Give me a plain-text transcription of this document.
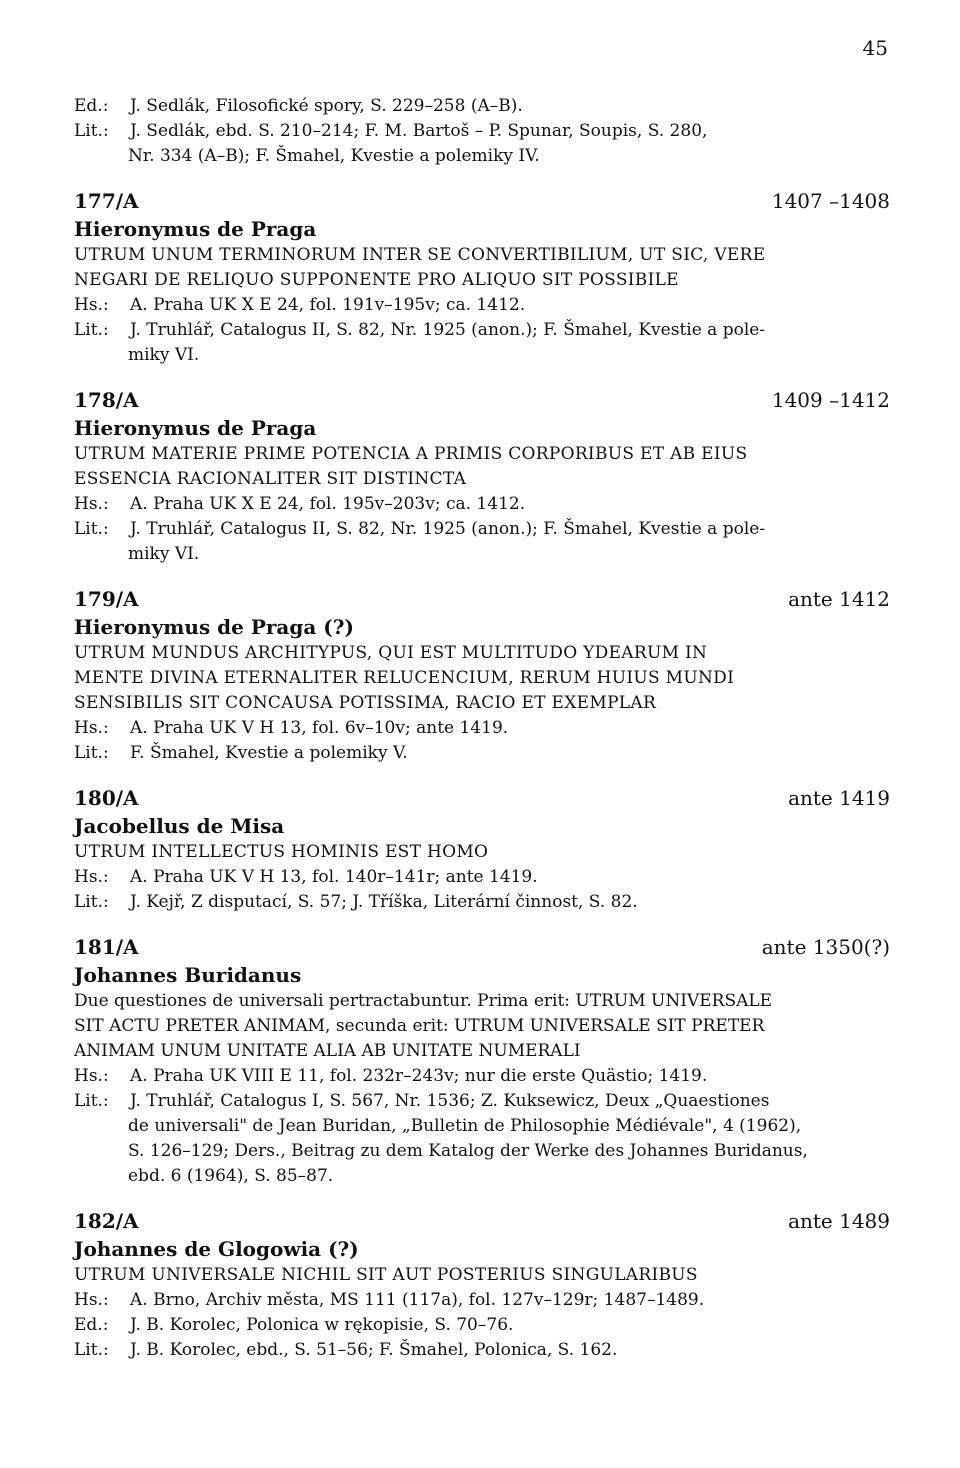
45
Ed.: J. Sedlák, Filosofické spory, S. 229–258 (A–B).
Lit.: J. Sedlák, ebd. S. 210–214; F. M. Bartoš – P. Spunar, Soupis, S. 280,
Nr. 334 (A–B); F. Šmahel, Kvestie a polemiky IV.
177/A	1407 –1408
Hieronymus de Praga
UTRUM UNUM TERMINORUM INTER SE CONVERTIBILIUM, UT SIC, VERE
NEGARI DE RELIQUO SUPPONENTE PRO ALIQUO SIT POSSIBILE
Hs.: A. Praha UK X E 24, fol. 191v–195v; ca. 1412.
Lit.: J. Truhlář, Catalogus II, S. 82, Nr. 1925 (anon.); F. Šmahel, Kvestie a pole-
miky VI.
178/A	1409 –1412
Hieronymus de Praga
UTRUM MATERIE PRIME POTENCIA A PRIMIS CORPORIBUS ET AB EIUS
ESSENCIA RACIONALITER SIT DISTINCTA
Hs.: A. Praha UK X E 24, fol. 195v–203v; ca. 1412.
Lit.: J. Truhlář, Catalogus II, S. 82, Nr. 1925 (anon.); F. Šmahel, Kvestie a pole-
miky VI.
179/A	ante 1412
Hieronymus de Praga (?)
UTRUM MUNDUS ARCHITYPUS, QUI EST MULTITUDO YDEARUM IN
MENTE DIVINA ETERNALITER RELUCENCIUM, RERUM HUIUS MUNDI
SENSIBILIS SIT CONCAUSA POTISSIMA, RACIO ET EXEMPLAR
Hs.: A. Praha UK V H 13, fol. 6v–10v; ante 1419.
Lit.: F. Šmahel, Kvestie a polemiky V.
180/A	ante 1419
Jacobellus de Misa
UTRUM INTELLECTUS HOMINIS EST HOMO
Hs.: A. Praha UK V H 13, fol. 140r–141r; ante 1419.
Lit.: J. Kejř, Z disputací, S. 57; J. Tříška, Literární činnost, S. 82.
181/A	ante 1350(?)
Johannes Buridanus
Due questiones de universali pertractabuntur. Prima erit: UTRUM UNIVERSALE
SIT ACTU PRETER ANIMAM, secunda erit: UTRUM UNIVERSALE SIT PRETER
ANIMAM UNUM UNITATE ALIA AB UNITATE NUMERALI
Hs.: A. Praha UK VIII E 11, fol. 232r–243v; nur die erste Quästio; 1419.
Lit.: J. Truhlář, Catalogus I, S. 567, Nr. 1536; Z. Kuksewicz, Deux „Quaestiones
de universali" de Jean Buridan, „Bulletin de Philosophie Médiévale", 4 (1962),
S. 126–129; Ders., Beitrag zu dem Katalog der Werke des Johannes Buridanus,
ebd. 6 (1964), S. 85–87.
182/A	ante 1489
Johannes de Glogowia (?)
UTRUM UNIVERSALE NICHIL SIT AUT POSTERIUS SINGULARIBUS
Hs.: A. Brno, Archiv města, MS 111 (117a), fol. 127v–129r; 1487–1489.
Ed.: J. B. Korolec, Polonica w rękopisie, S. 70–76.
Lit.: J. B. Korolec, ebd., S. 51–56; F. Šmahel, Polonica, S. 162.
